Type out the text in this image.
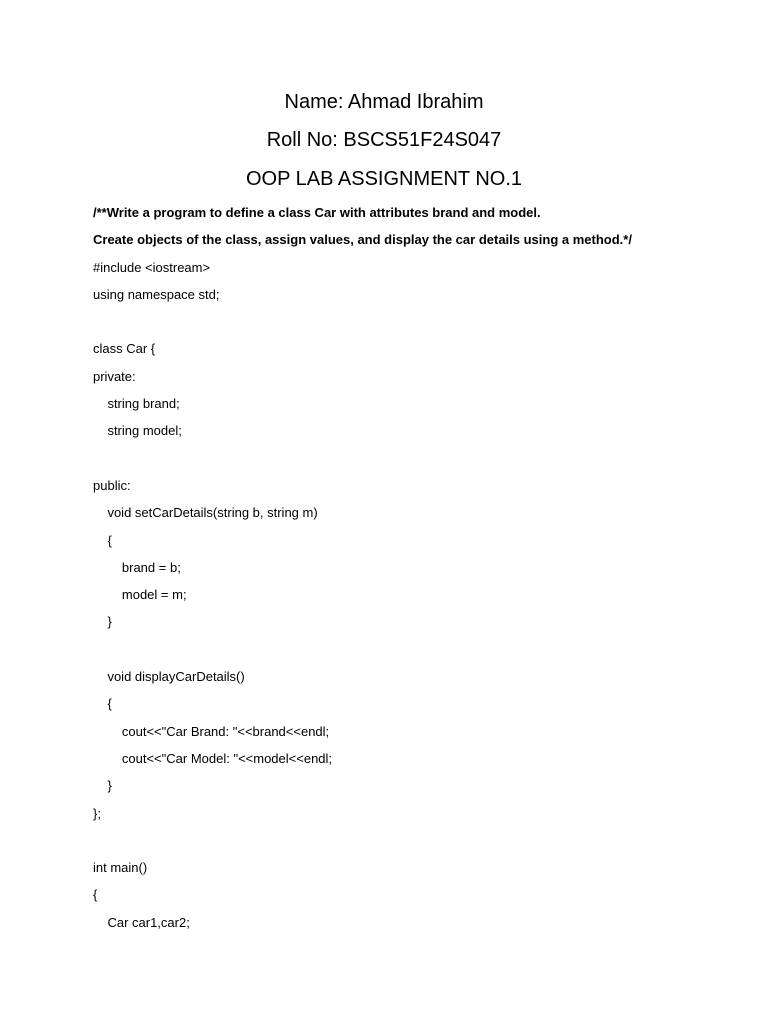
Name: Ahmad Ibrahim
Roll No: BSCS51F24S047
OOP LAB ASSIGNMENT NO.1
/**Write a program to define a class Car with attributes brand and model.
Create objects of the class, assign values, and display the car details using a method.*/
#include <iostream>
using namespace std;
class Car {
private:
string brand;
string model;
public:
void setCarDetails(string b, string m)
{
brand = b;
model = m;
}
void displayCarDetails()
{
cout<<"Car Brand: "<<brand<<endl;
cout<<"Car Model: "<<model<<endl;
}
};
int main()
{
Car car1,car2;
